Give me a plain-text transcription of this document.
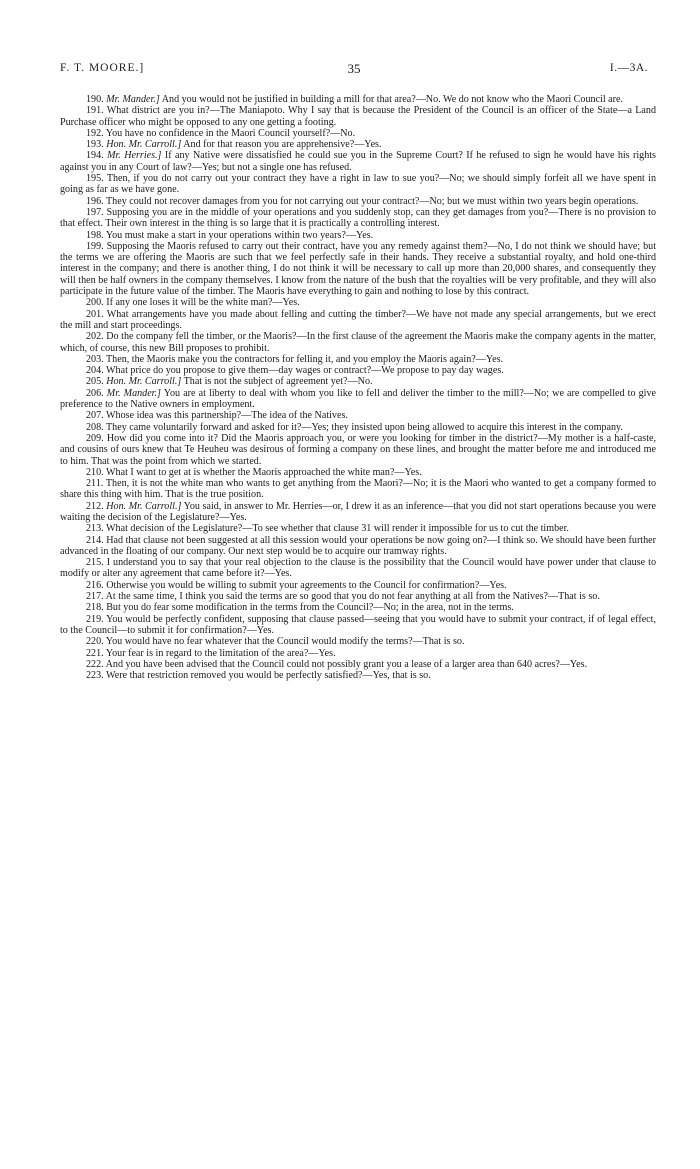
F. T. MOORE.]	35	I.—3A.

190. Mr. Mander.] And you would not be justified in building a mill for that area?—No. We do not know who the Maori Council are.

191. What district are you in?—The Maniapoto. Why I say that is because the President of the Council is an officer of the State—a Land Purchase officer who might be opposed to any one getting a footing.

192. You have no confidence in the Maori Council yourself?—No.

193. Hon. Mr. Carroll.] And for that reason you are apprehensive?—Yes.

194. Mr. Herries.] If any Native were dissatisfied he could sue you in the Supreme Court? If he refused to sign he would have his rights against you in any Court of law?—Yes; but not a single one has refused.

195. Then, if you do not carry out your contract they have a right in law to sue you?—No; we should simply forfeit all we have spent in going as far as we have gone.

196. They could not recover damages from you for not carrying out your contract?—No; but we must within two years begin operations.

197. Supposing you are in the middle of your operations and you suddenly stop, can they get damages from you?—There is no provision to that effect. Their own interest in the thing is so large that it is practically a controlling interest.

198. You must make a start in your operations within two years?—Yes.

199. Supposing the Maoris refused to carry out their contract, have you any remedy against them?—No, I do not think we should have; but the terms we are offering the Maoris are such that we feel perfectly safe in their hands. They receive a substantial royalty, and hold one-third interest in the company; and there is another thing, I do not think it will be necessary to call up more than 20,000 shares, and consequently they will then be half owners in the company themselves. I know from the nature of the bush that the royalties will be very profitable, and they will also participate in the future value of the timber. The Maoris have everything to gain and nothing to lose by this contract.

200. If any one loses it will be the white man?—Yes.

201. What arrangements have you made about felling and cutting the timber?—We have not made any special arrangements, but we erect the mill and start proceedings.

202. Do the company fell the timber, or the Maoris?—In the first clause of the agreement the Maoris make the company agents in the matter, which, of course, this new Bill proposes to prohibit.

203. Then, the Maoris make you the contractors for felling it, and you employ the Maoris again?—Yes.

204. What price do you propose to give them—day wages or contract?—We propose to pay day wages.

205. Hon. Mr. Carroll.] That is not the subject of agreement yet?—No.

206. Mr. Mander.] You are at liberty to deal with whom you like to fell and deliver the timber to the mill?—No; we are compelled to give preference to the Native owners in employment.

207. Whose idea was this partnership?—The idea of the Natives.

208. They came voluntarily forward and asked for it?—Yes; they insisted upon being allowed to acquire this interest in the company.

209. How did you come into it? Did the Maoris approach you, or were you looking for timber in the district?—My mother is a half-caste, and cousins of ours knew that Te Heuheu was desirous of forming a company on these lines, and brought the matter before me and introduced me to him. That was the point from which we started.

210. What I want to get at is whether the Maoris approached the white man?—Yes.

211. Then, it is not the white man who wants to get anything from the Maori?—No; it is the Maori who wanted to get a company formed to share this thing with him. That is the true position.

212. Hon. Mr. Carroll.] You said, in answer to Mr. Herries—or, I drew it as an inference—that you did not start operations because you were waiting the decision of the Legislature?—Yes.

213. What decision of the Legislature?—To see whether that clause 31 will render it impossible for us to cut the timber.

214. Had that clause not been suggested at all this session would your operations be now going on?—I think so. We should have been further advanced in the floating of our company. Our next step would be to acquire our tramway rights.

215. I understand you to say that your real objection to the clause is the possibility that the Council would have power under that clause to modify or alter any agreement that came before it?—Yes.

216. Otherwise you would be willing to submit your agreements to the Council for confirmation?—Yes.

217. At the same time, I think you said the terms are so good that you do not fear anything at all from the Natives?—That is so.

218. But you do fear some modification in the terms from the Council?—No; in the area, not in the terms.

219. You would be perfectly confident, supposing that clause passed—seeing that you would have to submit your contract, if of legal effect, to the Council—to submit it for confirmation?—Yes.

220. You would have no fear whatever that the Council would modify the terms?—That is so.

221. Your fear is in regard to the limitation of the area?—Yes.

222. And you have been advised that the Council could not possibly grant you a lease of a larger area than 640 acres?—Yes.

223. Were that restriction removed you would be perfectly satisfied?—Yes, that is so.
